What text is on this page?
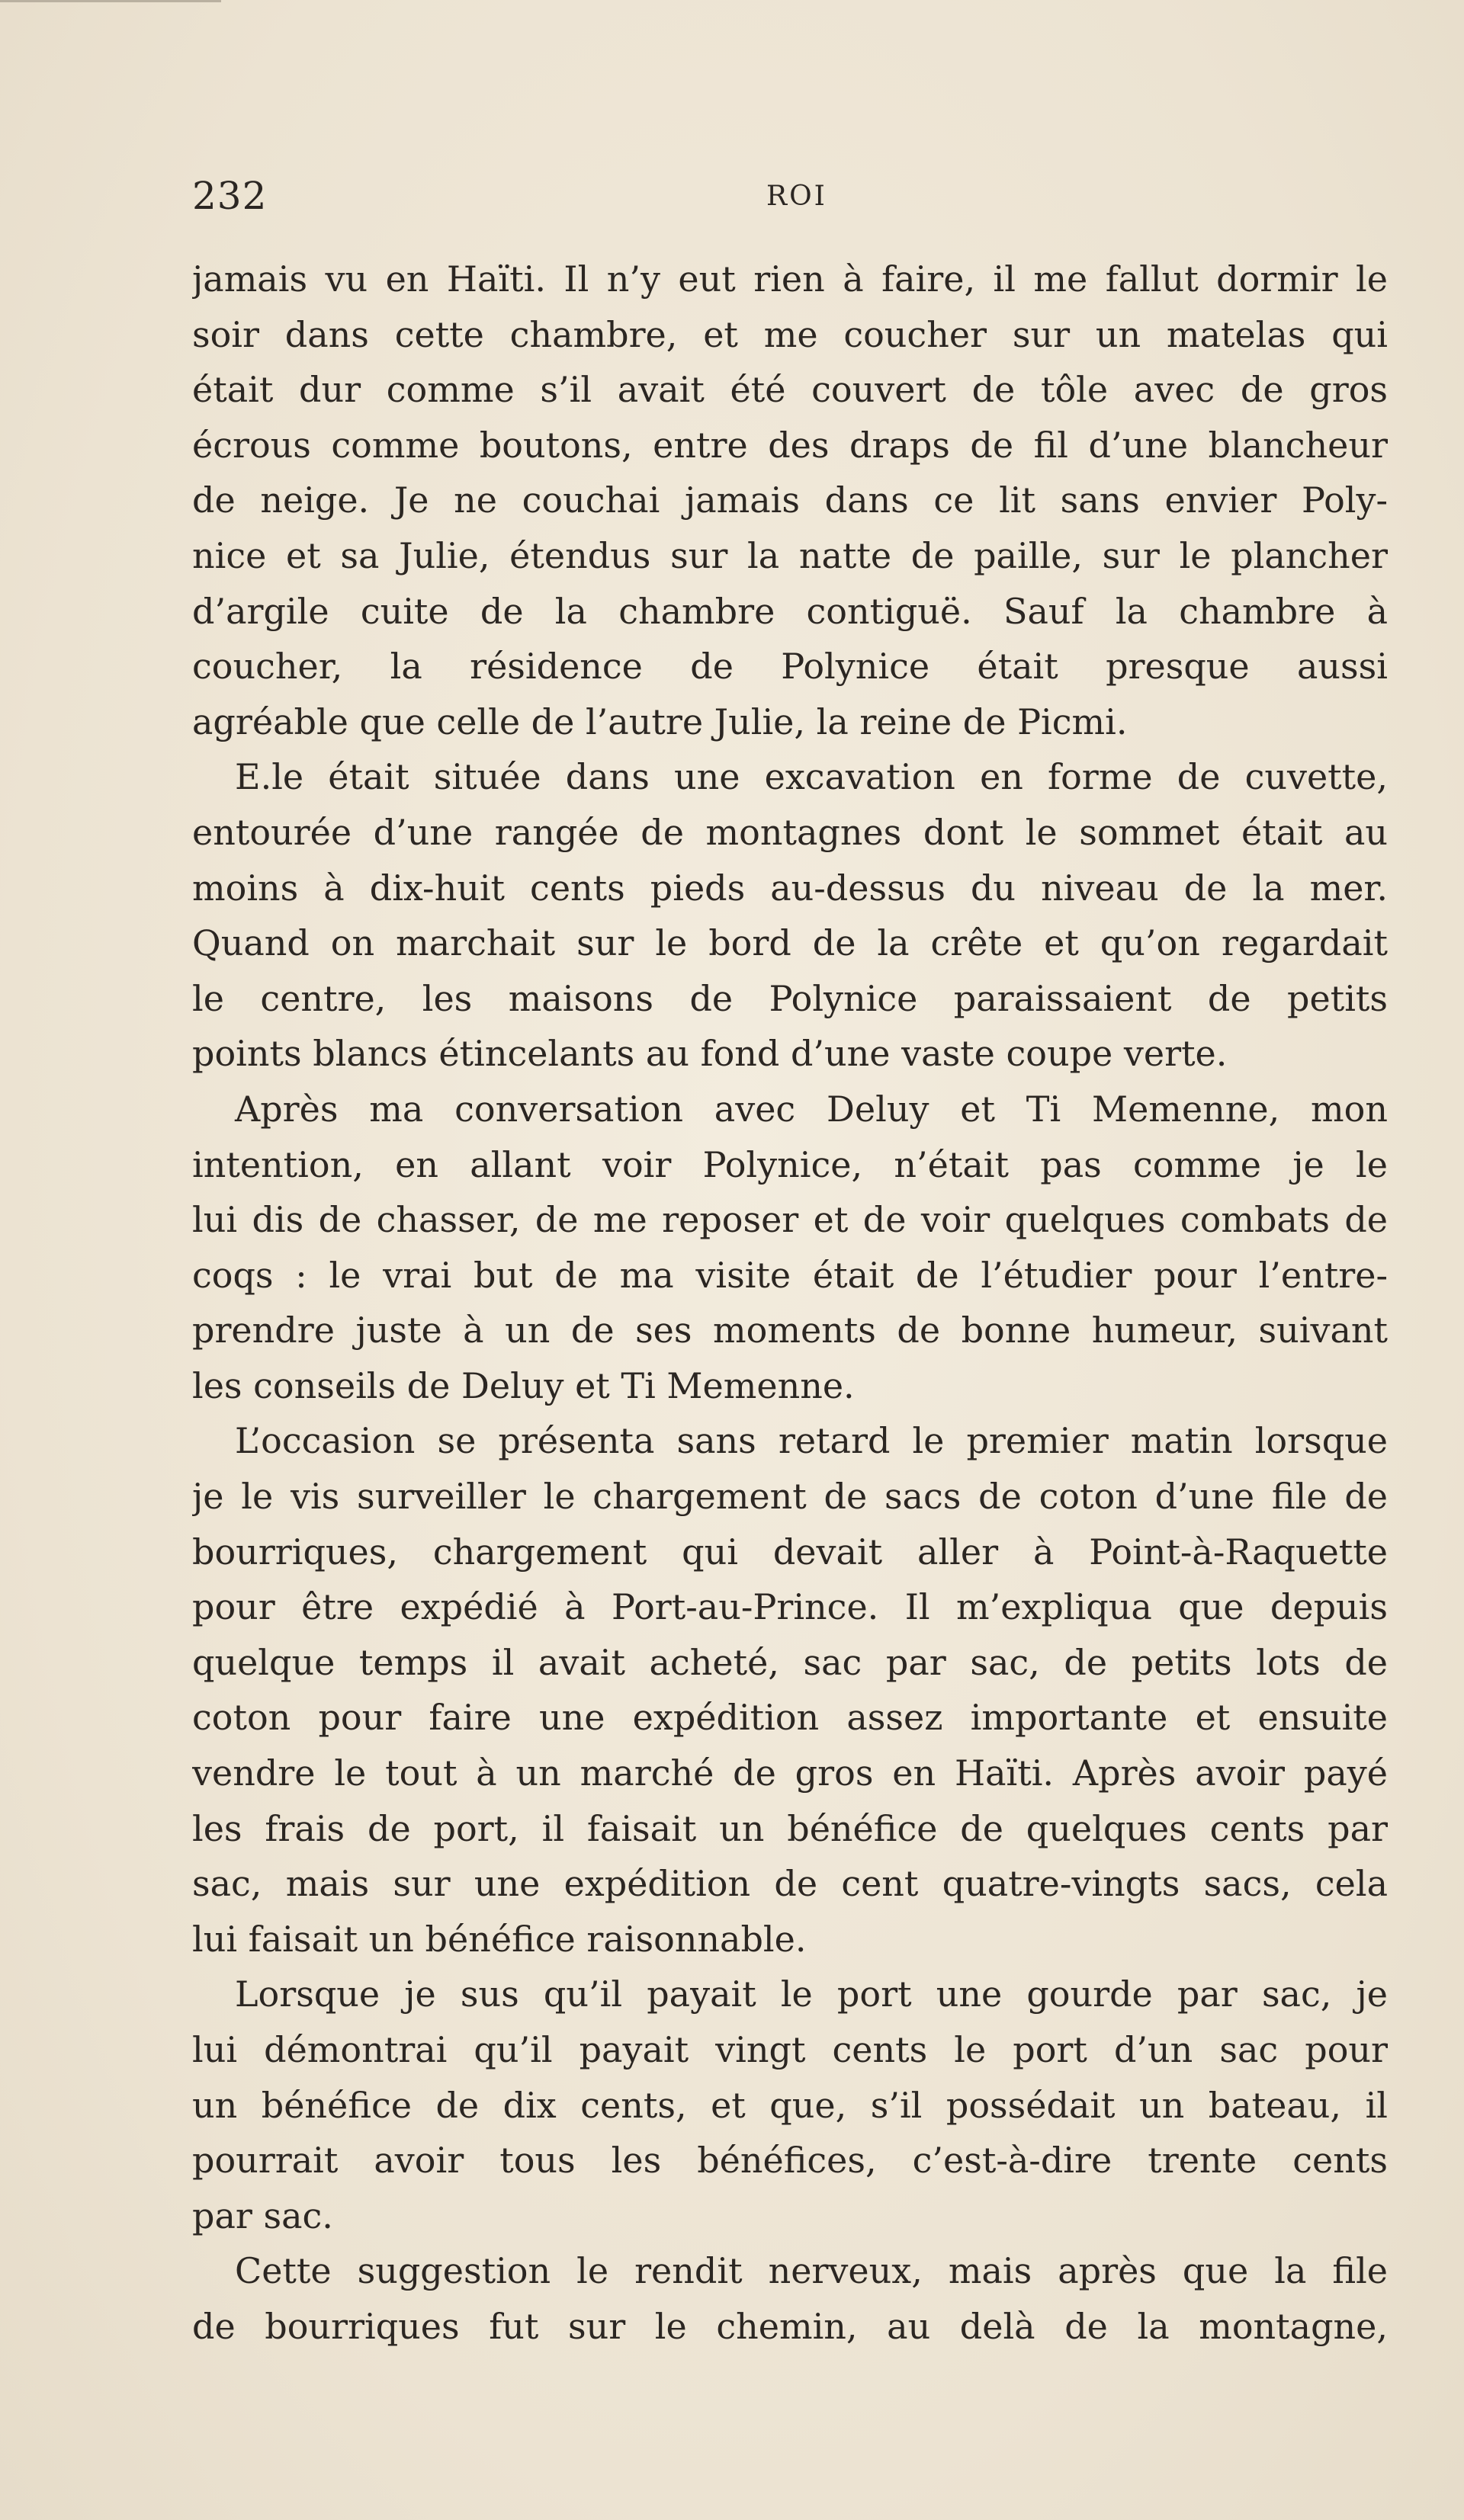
232	ROI
jamais vu en Haïti. Il n’y eut rien à faire, il me fallut dormir le
soir dans cette chambre, et me coucher sur un matelas qui
était dur comme s’il avait été couvert de tôle avec de gros
écrous comme boutons, entre des draps de fil d’une blancheur
de neige. Je ne couchai jamais dans ce lit sans envier Poly-
nice et sa Julie, étendus sur la natte de paille, sur le plancher
d’argile cuite de la chambre contiguë. Sauf la chambre à
coucher, la résidence de Polynice était presque aussi
agréable que celle de l’autre Julie, la reine de Picmi.
E.le était située dans une excavation en forme de cuvette,
entourée d’une rangée de montagnes dont le sommet était au
moins à dix-huit cents pieds au-dessus du niveau de la mer.
Quand on marchait sur le bord de la crête et qu’on regardait
le centre, les maisons de Polynice paraissaient de petits
points blancs étincelants au fond d’une vaste coupe verte.
Après ma conversation avec Deluy et Ti Memenne, mon
intention, en allant voir Polynice, n’était pas comme je le
lui dis de chasser, de me reposer et de voir quelques combats de
coqs : le vrai but de ma visite était de l’étudier pour l’entre-
prendre juste à un de ses moments de bonne humeur, suivant
les conseils de Deluy et Ti Memenne.
L’occasion se présenta sans retard le premier matin lorsque
je le vis surveiller le chargement de sacs de coton d’une file de
bourriques, chargement qui devait aller à Point-à-Raquette
pour être expédié à Port-au-Prince. Il m’expliqua que depuis
quelque temps il avait acheté, sac par sac, de petits lots de
coton pour faire une expédition assez importante et ensuite
vendre le tout à un marché de gros en Haïti. Après avoir payé
les frais de port, il faisait un bénéfice de quelques cents par
sac, mais sur une expédition de cent quatre-vingts sacs, cela
lui faisait un bénéfice raisonnable.
Lorsque je sus qu’il payait le port une gourde par sac, je
lui démontrai qu’il payait vingt cents le port d’un sac pour
un bénéfice de dix cents, et que, s’il possédait un bateau, il
pourrait avoir tous les bénéfices, c’est-à-dire trente cents
par sac.
Cette suggestion le rendit nerveux, mais après que la file
de bourriques fut sur le chemin, au delà de la montagne,
